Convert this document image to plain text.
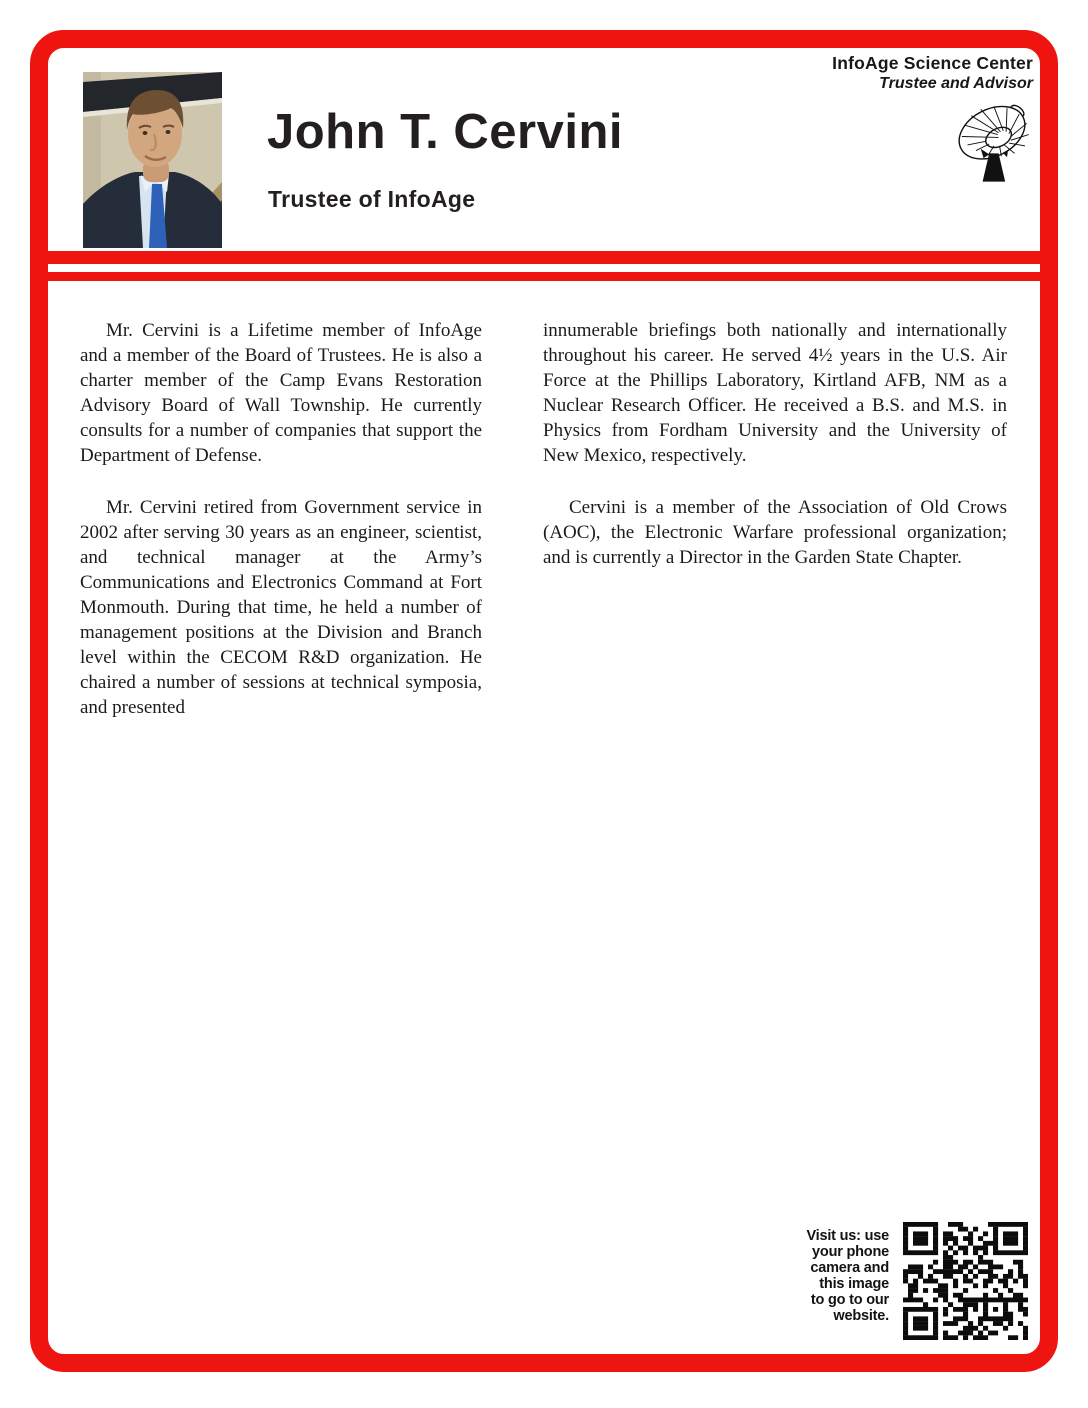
John T. Cervini
Trustee of InfoAge
InfoAge Science Center
Trustee and Advisor

Mr. Cervini is a Lifetime member of InfoAge and a member of the Board of Trustees. He is also a charter member of the Camp Evans Restoration Advisory Board of Wall Township. He currently consults for a number of companies that support the Department of Defense.

Mr. Cervini retired from Government service in 2002 after serving 30 years as an engineer, scientist, and technical manager at the Army’s Communications and Electronics Command at Fort Monmouth. During that time, he held a number of management positions at the Division and Branch level within the CECOM R&D organization. He chaired a number of sessions at technical symposia, and presented

innumerable briefings both nationally and internationally throughout his career. He served 4½ years in the U.S. Air Force at the Phillips Laboratory, Kirtland AFB, NM as a Nuclear Research Officer. He received a B.S. and M.S. in Physics from Fordham University and the University of New Mexico, respectively.

Cervini is a member of the Association of Old Crows (AOC), the Electronic Warfare professional organization; and is currently a Director in the Garden State Chapter.

Visit us: use
your phone
camera and
this image
to go to our
website.
